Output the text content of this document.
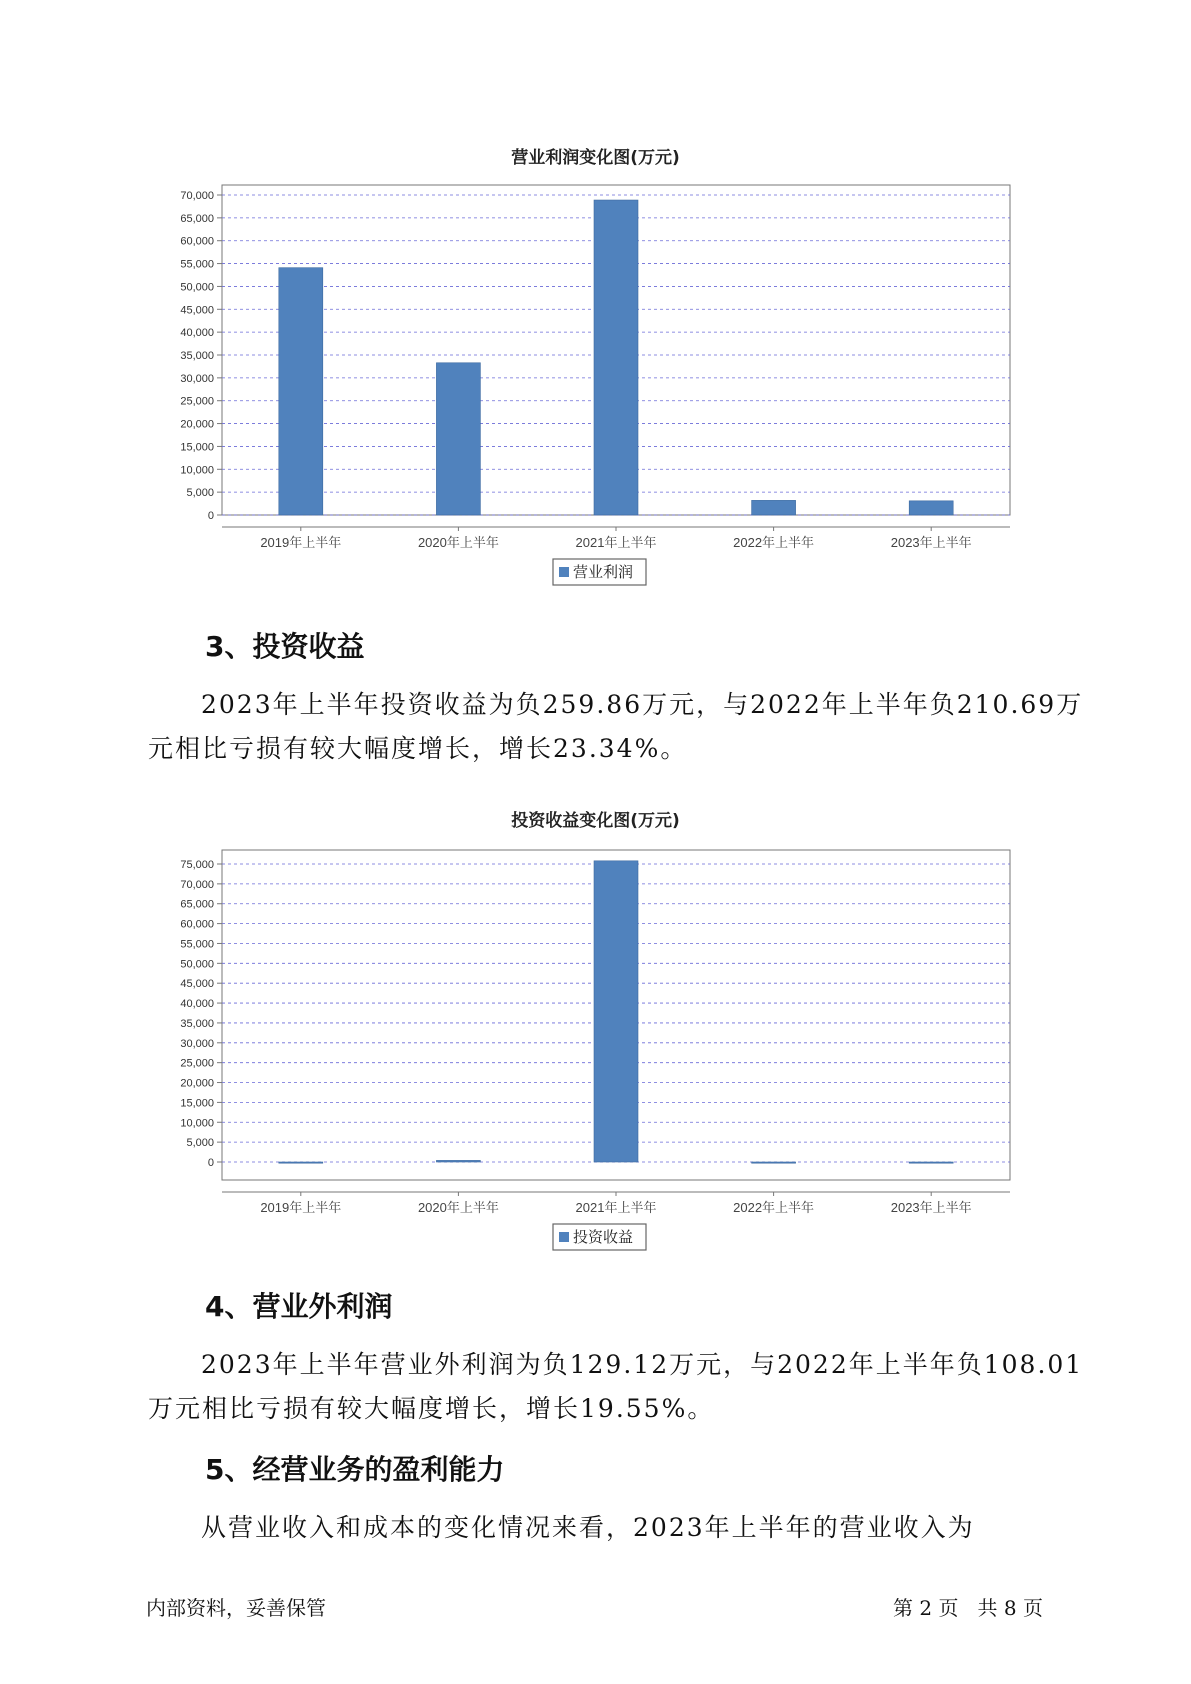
营业利润变化图(万元)
0
5,000
10,000
15,000
20,000
25,000
30,000
35,000
40,000
45,000
50,000
55,000
60,000
65,000
70,000
2019年上半年	2020年上半年	2021年上半年	2022年上半年	2023年上半年
营业利润
3、投资收益

2023年上半年投资收益为负259.86万元，与2022年上半年负210.69万
元相比亏损有较大幅度增长，增长23.34%。

投资收益变化图(万元)
0
5,000
10,000
15,000
20,000
25,000
30,000
35,000
40,000
45,000
50,000
55,000
60,000
65,000
70,000
75,000
2019年上半年	2020年上半年	2021年上半年	2022年上半年	2023年上半年
投资收益
4、营业外利润

2023年上半年营业外利润为负129.12万元，与2022年上半年负108.01
万元相比亏损有较大幅度增长，增长19.55%。

5、经营业务的盈利能力

从营业收入和成本的变化情况来看，2023年上半年的营业收入为

内部资料，妥善保管	第 2 页   共 8 页
